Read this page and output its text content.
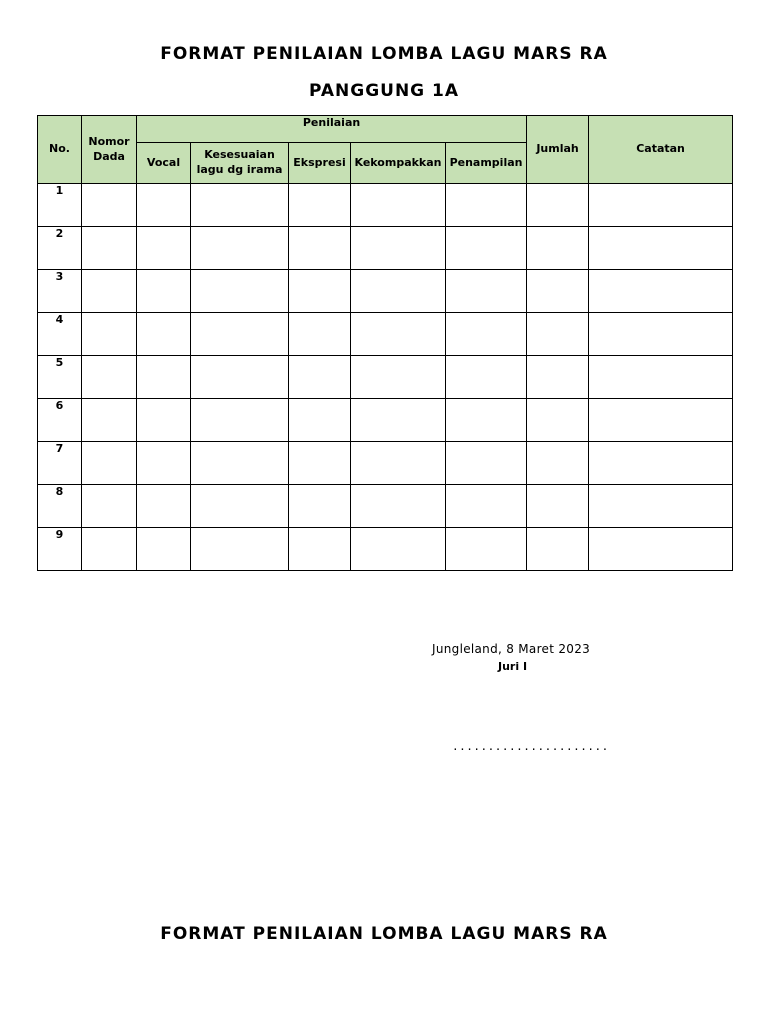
FORMAT PENILAIAN LOMBA LAGU MARS RA
PANGGUNG 1A
No.	Nomor Dada	Penilaian					Jumlah	Catatan
		Vocal	Kesesuaian lagu dg irama	Ekspresi	Kekompakkan	Penampilan		
1								
2								
3								
4								
5								
6								
7								
8								
9								
Jungleland, 8 Maret 2023
Juri I
......................
FORMAT PENILAIAN LOMBA LAGU MARS RA
